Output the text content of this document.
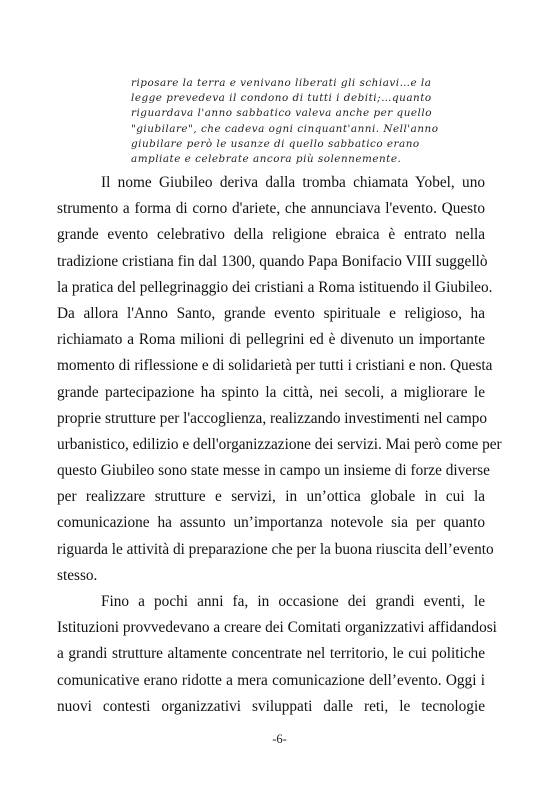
riposare la terra e venivano liberati gli schiavi…e la
legge prevedeva il condono di tutti i debiti;…quanto
riguardava l'anno sabbatico valeva anche per quello
"giubilare", che cadeva ogni cinquant'anni. Nell'anno
giubilare però le usanze di quello sabbatico erano
ampliate e celebrate ancora più solennemente.
Il nome Giubileo deriva dalla tromba chiamata Yobel, uno
strumento a forma di corno d'ariete, che annunciava l'evento. Questo
grande evento celebrativo della religione ebraica è entrato nella
tradizione cristiana fin dal 1300, quando Papa Bonifacio VIII suggellò
la pratica del pellegrinaggio dei cristiani a Roma istituendo il Giubileo.
Da allora l'Anno Santo, grande evento spirituale e religioso, ha
richiamato a Roma milioni di pellegrini ed è divenuto un importante
momento di riflessione e di solidarietà per tutti i cristiani e non. Questa
grande partecipazione ha spinto la città, nei secoli, a migliorare le
proprie strutture per l'accoglienza, realizzando investimenti nel campo
urbanistico, edilizio e dell'organizzazione dei servizi. Mai però come per
questo Giubileo sono state messe in campo un insieme di forze diverse
per realizzare strutture e servizi, in un’ottica globale in cui la
comunicazione ha assunto un’importanza notevole sia per quanto
riguarda le attività di preparazione che per la buona riuscita dell’evento
stesso.
Fino a pochi anni fa, in occasione dei grandi eventi, le
Istituzioni provvedevano a creare dei Comitati organizzativi affidandosi
a grandi strutture altamente concentrate nel territorio, le cui politiche
comunicative erano ridotte a mera comunicazione dell’evento. Oggi i
nuovi contesti organizzativi sviluppati dalle reti, le tecnologie
-6-
